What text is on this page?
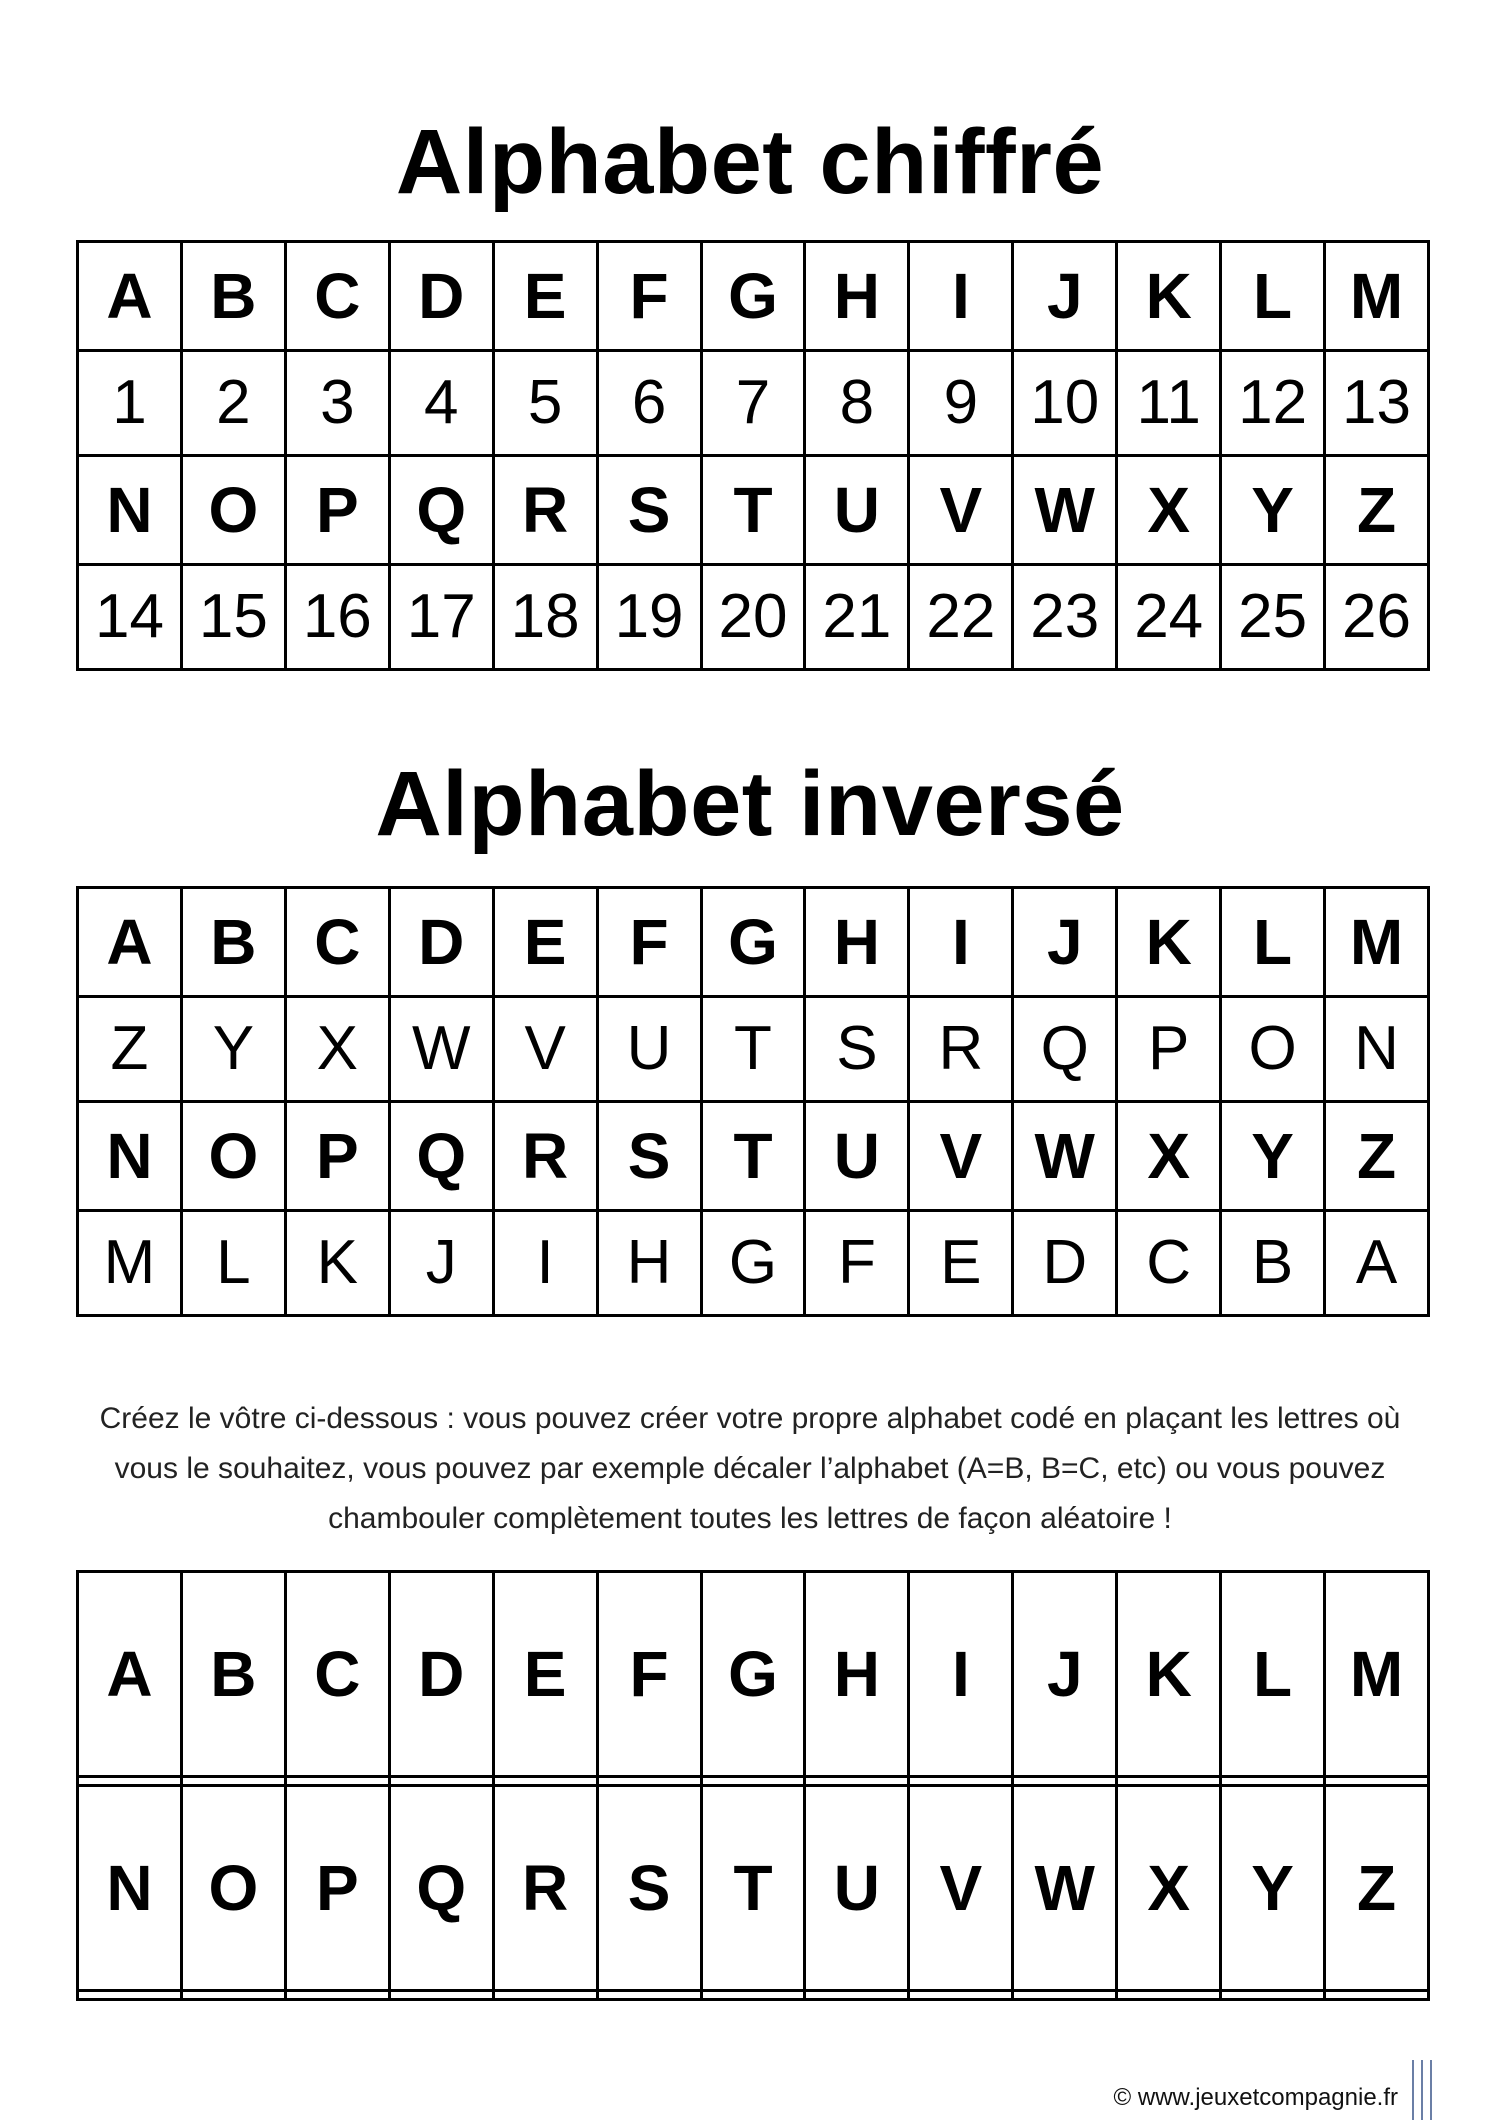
Alphabet chiffré
A	B	C	D	E	F	G	H	I	J	K	L	M
1	2	3	4	5	6	7	8	9	10	11	12	13
N	O	P	Q	R	S	T	U	V	W	X	Y	Z
14	15	16	17	18	19	20	21	22	23	24	25	26
Alphabet inversé
A	B	C	D	E	F	G	H	I	J	K	L	M
Z	Y	X	W	V	U	T	S	R	Q	P	O	N
N	O	P	Q	R	S	T	U	V	W	X	Y	Z
M	L	K	J	I	H	G	F	E	D	C	B	A

Créez le vôtre ci-dessous : vous pouvez créer votre propre alphabet codé en plaçant les lettres où vous le souhaitez, vous pouvez par exemple décaler l’alphabet (A=B, B=C, etc) ou vous pouvez chambouler complètement toutes les lettres de façon aléatoire !

A	B	C	D	E	F	G	H	I	J	K	L	M

N	O	P	Q	R	S	T	U	V	W	X	Y	Z

© www.jeuxetcompagnie.fr
